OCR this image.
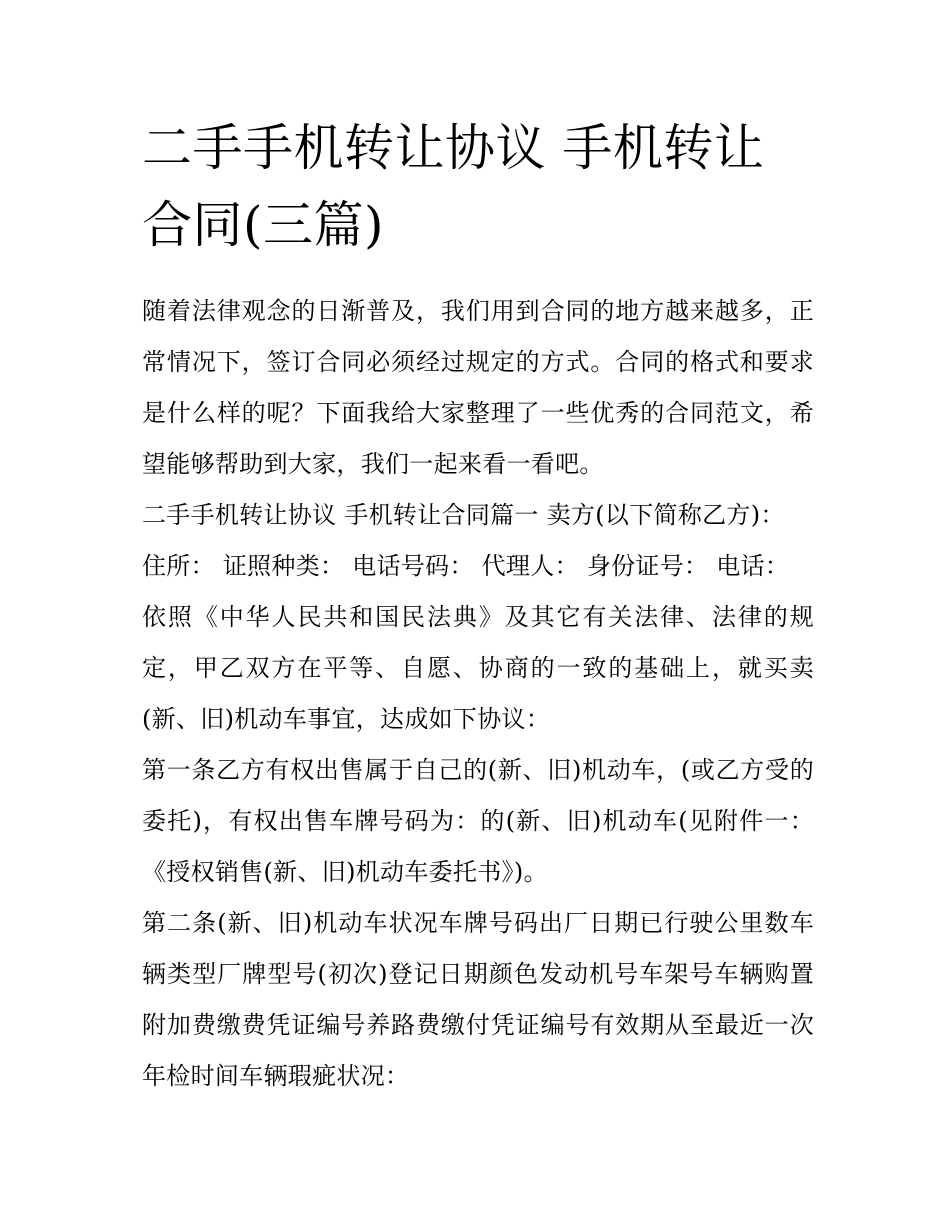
二手手机转让协议 手机转让合同(三篇)

随着法律观念的日渐普及，我们用到合同的地方越来越多，正常情况下，签订合同必须经过规定的方式。合同的格式和要求是什么样的呢？下面我给大家整理了一些优秀的合同范文，希望能够帮助到大家，我们一起来看一看吧。

二手手机转让协议 手机转让合同篇一 卖方(以下简称乙方)：

住所： 证照种类： 电话号码： 代理人： 身份证号： 电话：

依照《中华人民共和国民法典》及其它有关法律、法律的规定，甲乙双方在平等、自愿、协商的一致的基础上，就买卖(新、旧)机动车事宜，达成如下协议：

第一条乙方有权出售属于自己的(新、旧)机动车，(或乙方受的委托)，有权出售车牌号码为：的(新、旧)机动车(见附件一：《授权销售(新、旧)机动车委托书》)。

第二条(新、旧)机动车状况车牌号码出厂日期已行驶公里数车辆类型厂牌型号(初次)登记日期颜色发动机号车架号车辆购置附加费缴费凭证编号养路费缴付凭证编号有效期从至最近一次年检时间车辆瑕疵状况：
